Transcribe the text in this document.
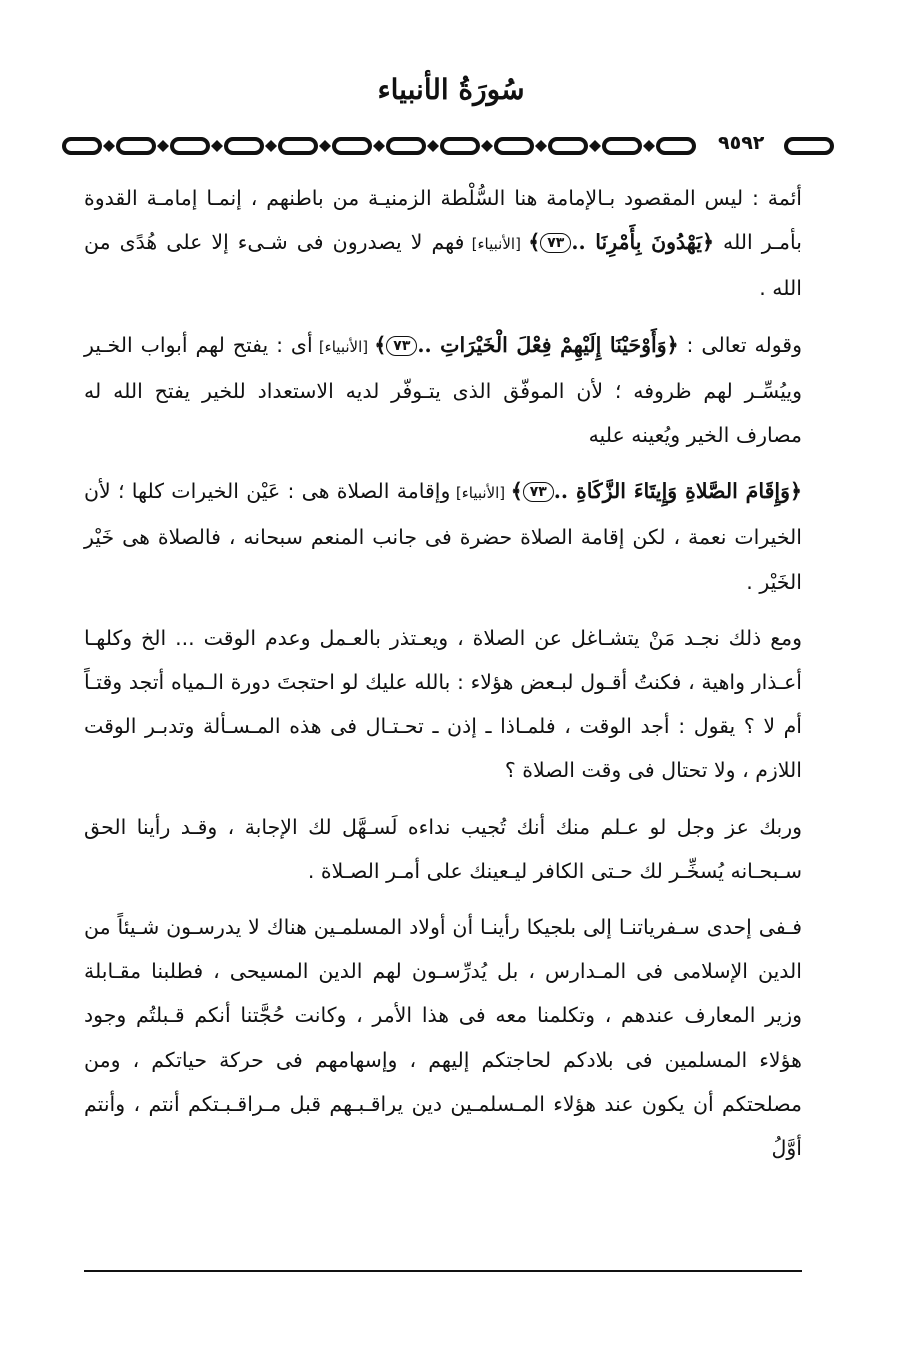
سُورَةُ الأنبياء
٩٥٩٢

أئمة : ليس المقصود بـالإمامة هنا السُّلْطة الزمنيـة من باطنهم ، إنمـا إمامـة القدوة بأمـر الله ﴿يَهْدُونَ بِأَمْرِنَا ..٧٣﴾ [الأنبياء] فهم لا يصدرون فى شـىء إلا على هُدًى من الله .

وقوله تعالى : ﴿وَأَوْحَيْنَا إِلَيْهِمْ فِعْلَ الْخَيْرَاتِ ..٧٣﴾ [الأنبياء] أى : يفتح لهم أبواب الخـير وييُسِّـر لهم ظروفه ؛ لأن الموفّق الذى يتـوفّر لديه الاستعداد للخير يفتح الله له مصارف الخير ويُعينه عليه

﴿وَإِقَامَ الصَّلاةِ وَإِيتَاءَ الزَّكَاةِ ..٧٣﴾ [الأنبياء] وإقامة الصلاة هى : عَيْن الخيرات كلها ؛ لأن الخيرات نعمة ، لكن إقامة الصلاة حضرة فى جانب المنعم سبحانه ، فالصلاة هى خَيْر الخَيْر .

ومع ذلك نجـد مَنْ يتشـاغل عن الصلاة ، ويعـتذر بالعـمل وعدم الوقت ... الخ وكلهـا أعـذار واهية ، فكنتُ أقـول لبـعض هؤلاء : بالله عليك لو احتجتَ دورة الـمياه أتجد وقتـاً أم لا ؟ يقول : أجد الوقت ، فلمـاذا ـ إذن ـ تحـتـال فى هذه المـسـألة وتدبـر الوقت اللازم ، ولا تحتال فى وقت الصلاة ؟

وربك عز وجل لو عـلم منك أنك تُجيب نداءه لَسـهَّل لك الإجابة ، وقـد رأينا الحق سـبحـانه يُسخِّـر لك حـتى الكافر ليـعينك على أمـر الصـلاة .

فـفى إحدى سـفرياتنـا إلى بلجيكا رأينـا أن أولاد المسلمـين هناك لا يدرسـون شـيئاً من الدين الإسلامى فى المـدارس ، بل يُدرِّسـون لهم الدين المسيحى ، فطلبنا مقـابلة وزير المعارف عندهم ، وتكلمنا معه فى هذا الأمر ، وكانت حُجَّتنا أنكم قـبلتُم وجود هؤلاء المسلمين فى بلادكم لحاجتكم إليهم ، وإسهامهم فى حركة حياتكم ، ومن مصلحتكم أن يكون عند هؤلاء المـسلمـين دين يراقـبـهم قبل مـراقـبـتكم أنتم ، وأنتم أوَّلُ
